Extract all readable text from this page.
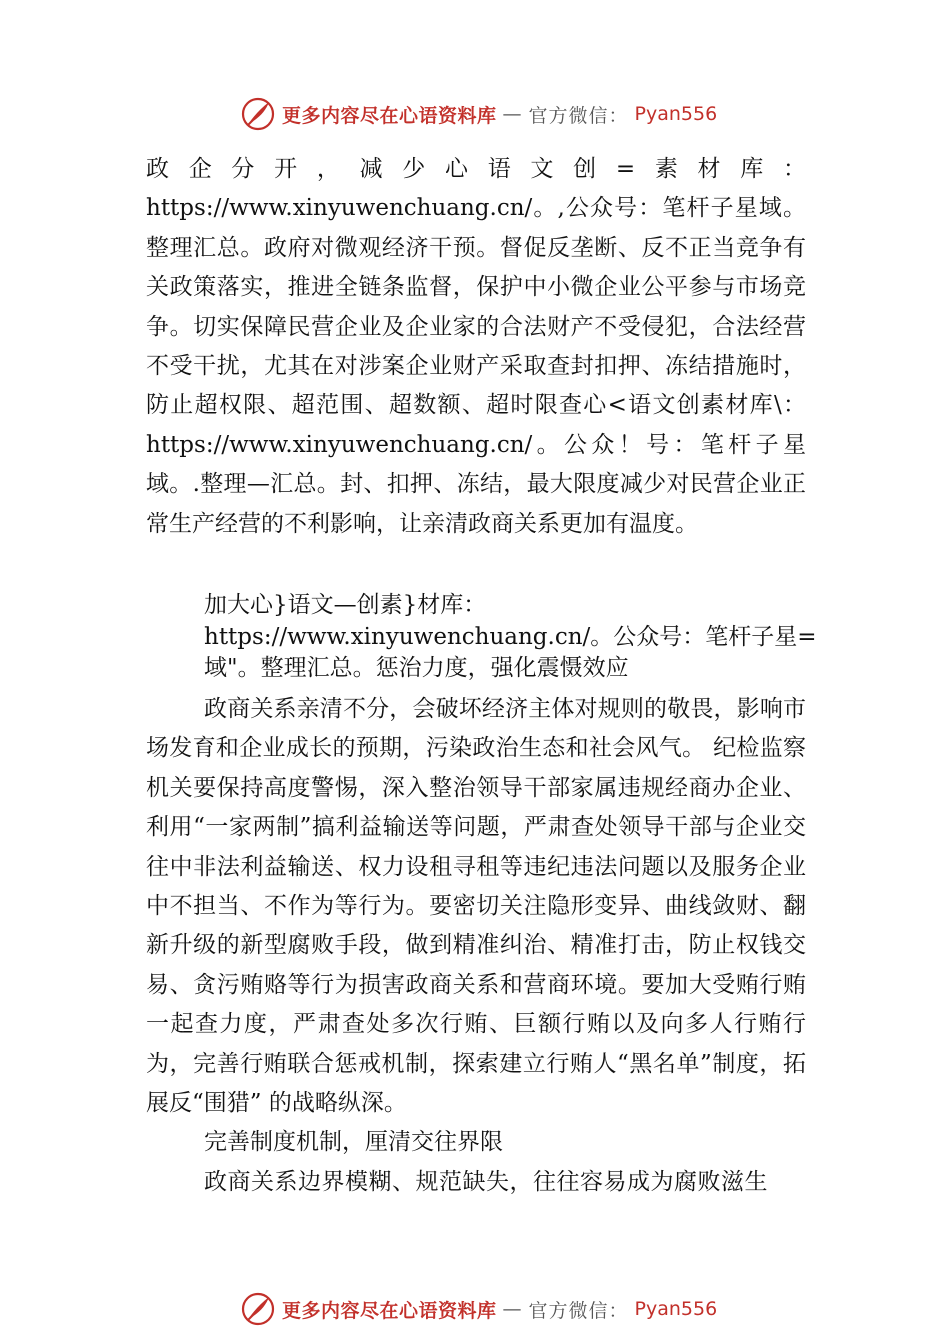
更多内容尽在心语资料库 — 官方微信： Pyan556

政企分开，减少心语文创=素材库：https://www.xinyuwenchuang.cn/。,公众号：笔杆子星域。整理汇总。政府对微观经济干预。督促反垄断、反不正当竞争有关政策落实，推进全链条监督，保护中小微企业公平参与市场竞争。切实保障民营企业及企业家的合法财产不受侵犯，合法经营不受干扰，尤其在对涉案企业财产采取查封扣押、冻结措施时，防止超权限、超范围、超数额、超时限查心<语文创素材库\：https://www.xinyuwenchuang.cn/。公众！号：笔杆子星域。.整理—汇总。封、扣押、冻结，最大限度减少对民营企业正常生产经营的不利影响，让亲清政商关系更加有温度。

加大心}语文—创素}材库：https://www.xinyuwenchuang.cn/。公众号：笔杆子星=域"。整理汇总。惩治力度，强化震慑效应

政商关系亲清不分，会破坏经济主体对规则的敬畏，影响市场发育和企业成长的预期，污染政治生态和社会风气。 纪检监察机关要保持高度警惕，深入整治领导干部家属违规经商办企业、利用“一家两制”搞利益输送等问题，严肃查处领导干部与企业交往中非法利益输送、权力设租寻租等违纪违法问题以及服务企业中不担当、不作为等行为。要密切关注隐形变异、曲线敛财、翻新升级的新型腐败手段，做到精准纠治、精准打击，防止权钱交易、贪污贿赂等行为损害政商关系和营商环境。要加大受贿行贿一起查力度，严肃查处多次行贿、巨额行贿以及向多人行贿行为，完善行贿联合惩戒机制，探索建立行贿人“黑名单”制度，拓展反“围猎” 的战略纵深。

完善制度机制，厘清交往界限

政商关系边界模糊、规范缺失，往往容易成为腐败滋生

更多内容尽在心语资料库 — 官方微信： Pyan556
